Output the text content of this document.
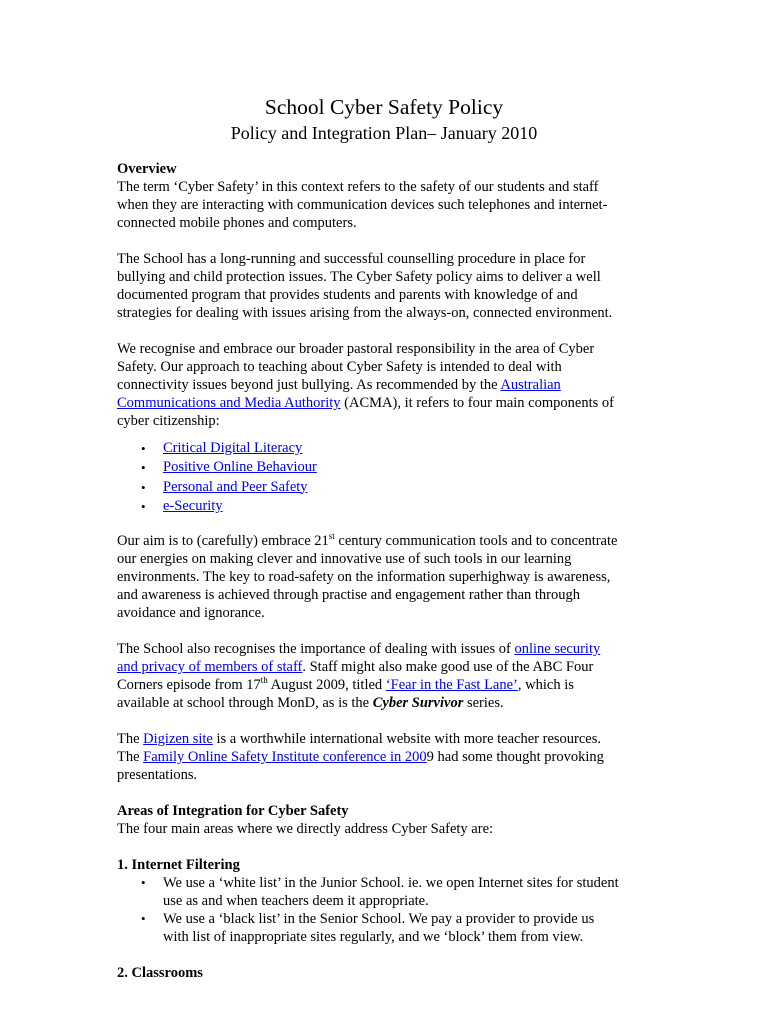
School Cyber Safety Policy
Policy and Integration Plan– January 2010
Overview
The term ‘Cyber Safety’ in this context refers to the safety of our students and staff
when they are interacting with communication devices such telephones and internet-
connected mobile phones and computers.
The School has a long-running and successful counselling procedure in place for
bullying and child protection issues. The Cyber Safety policy aims to deliver a well
documented program that provides students and parents with knowledge of and
strategies for dealing with issues arising from the always-on, connected environment.
We recognise and embrace our broader pastoral responsibility in the area of Cyber
Safety. Our approach to teaching about Cyber Safety is intended to deal with
connectivity issues beyond just bullying. As recommended by the Australian
Communications and Media Authority (ACMA), it refers to four main components of
cyber citizenship:
• Critical Digital Literacy
• Positive Online Behaviour
• Personal and Peer Safety
• e-Security
Our aim is to (carefully) embrace 21st century communication tools and to concentrate
our energies on making clever and innovative use of such tools in our learning
environments. The key to road-safety on the information superhighway is awareness,
and awareness is achieved through practise and engagement rather than through
avoidance and ignorance.
The School also recognises the importance of dealing with issues of online security
and privacy of members of staff. Staff might also make good use of the ABC Four
Corners episode from 17th August 2009, titled ‘Fear in the Fast Lane’, which is
available at school through MonD, as is the Cyber Survivor series.
The Digizen site is a worthwhile international website with more teacher resources.
The Family Online Safety Institute conference in 2009 had some thought provoking
presentations.
Areas of Integration for Cyber Safety
The four main areas where we directly address Cyber Safety are:
1. Internet Filtering
• We use a ‘white list’ in the Junior School. ie. we open Internet sites for student
use as and when teachers deem it appropriate.
• We use a ‘black list’ in the Senior School. We pay a provider to provide us
with list of inappropriate sites regularly, and we ‘block’ them from view.
2. Classrooms
